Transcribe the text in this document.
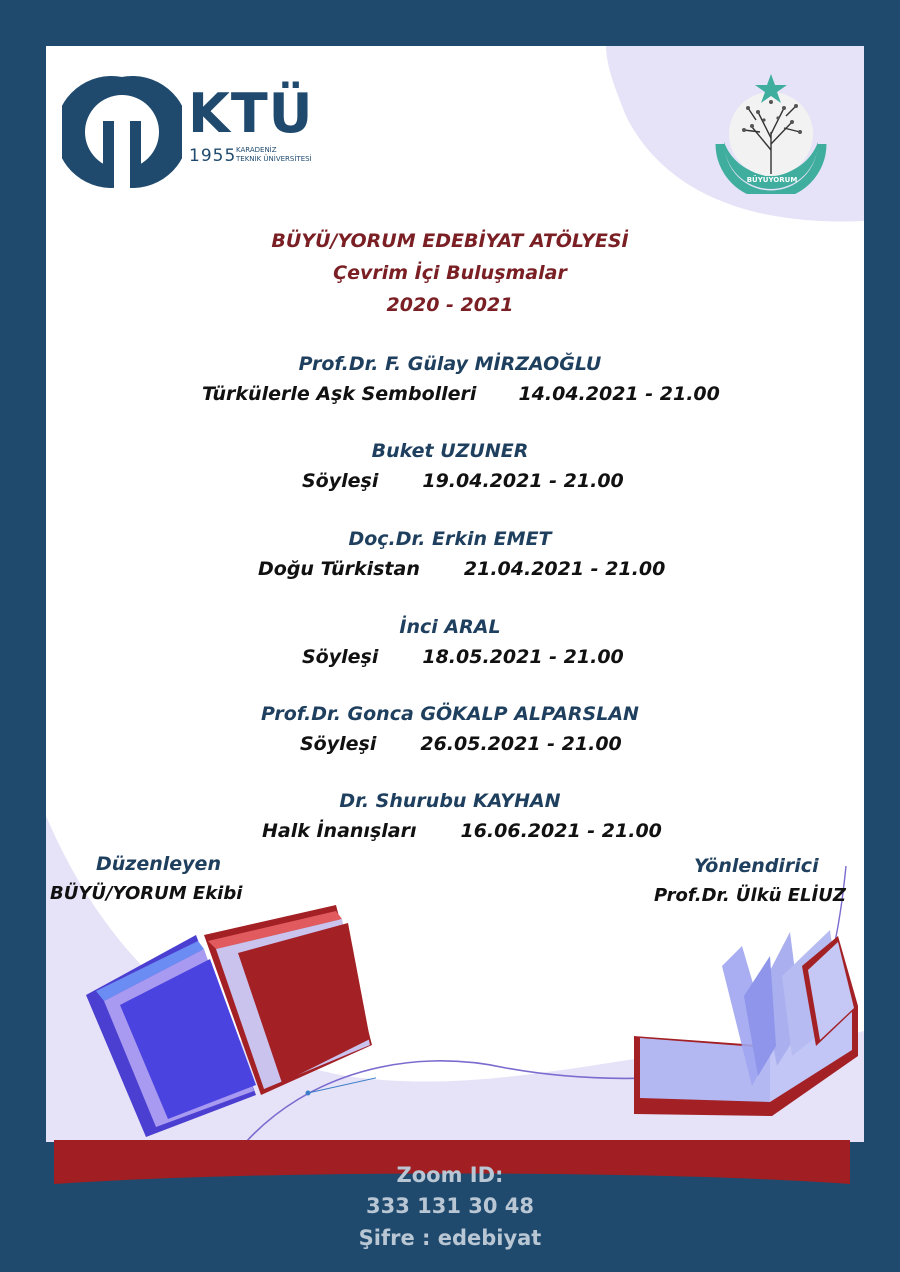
KTÜ
1955 KARADENİZ
TEKNİK ÜNİVERSİTESİ
BÜYÜYORUM
BÜYÜ/YORUM EDEBİYAT ATÖLYESİ
Çevrim İçi Buluşmalar
2020 - 2021
Prof.Dr. F. Gülay MİRZAOĞLU
Türkülerle Aşk Sembolleri 14.04.2021 - 21.00
Buket UZUNER
Söyleşi 19.04.2021 - 21.00
Doç.Dr. Erkin EMET
Doğu Türkistan 21.04.2021 - 21.00
İnci ARAL
Söyleşi 18.05.2021 - 21.00
Prof.Dr. Gonca GÖKALP ALPARSLAN
Söyleşi 26.05.2021 - 21.00
Dr. Shurubu KAYHAN
Halk İnanışları 16.06.2021 - 21.00
Düzenleyen
BÜYÜ/YORUM Ekibi
Yönlendirici
Prof.Dr. Ülkü ELİUZ
Zoom ID:
333 131 30 48
Şifre : edebiyat
